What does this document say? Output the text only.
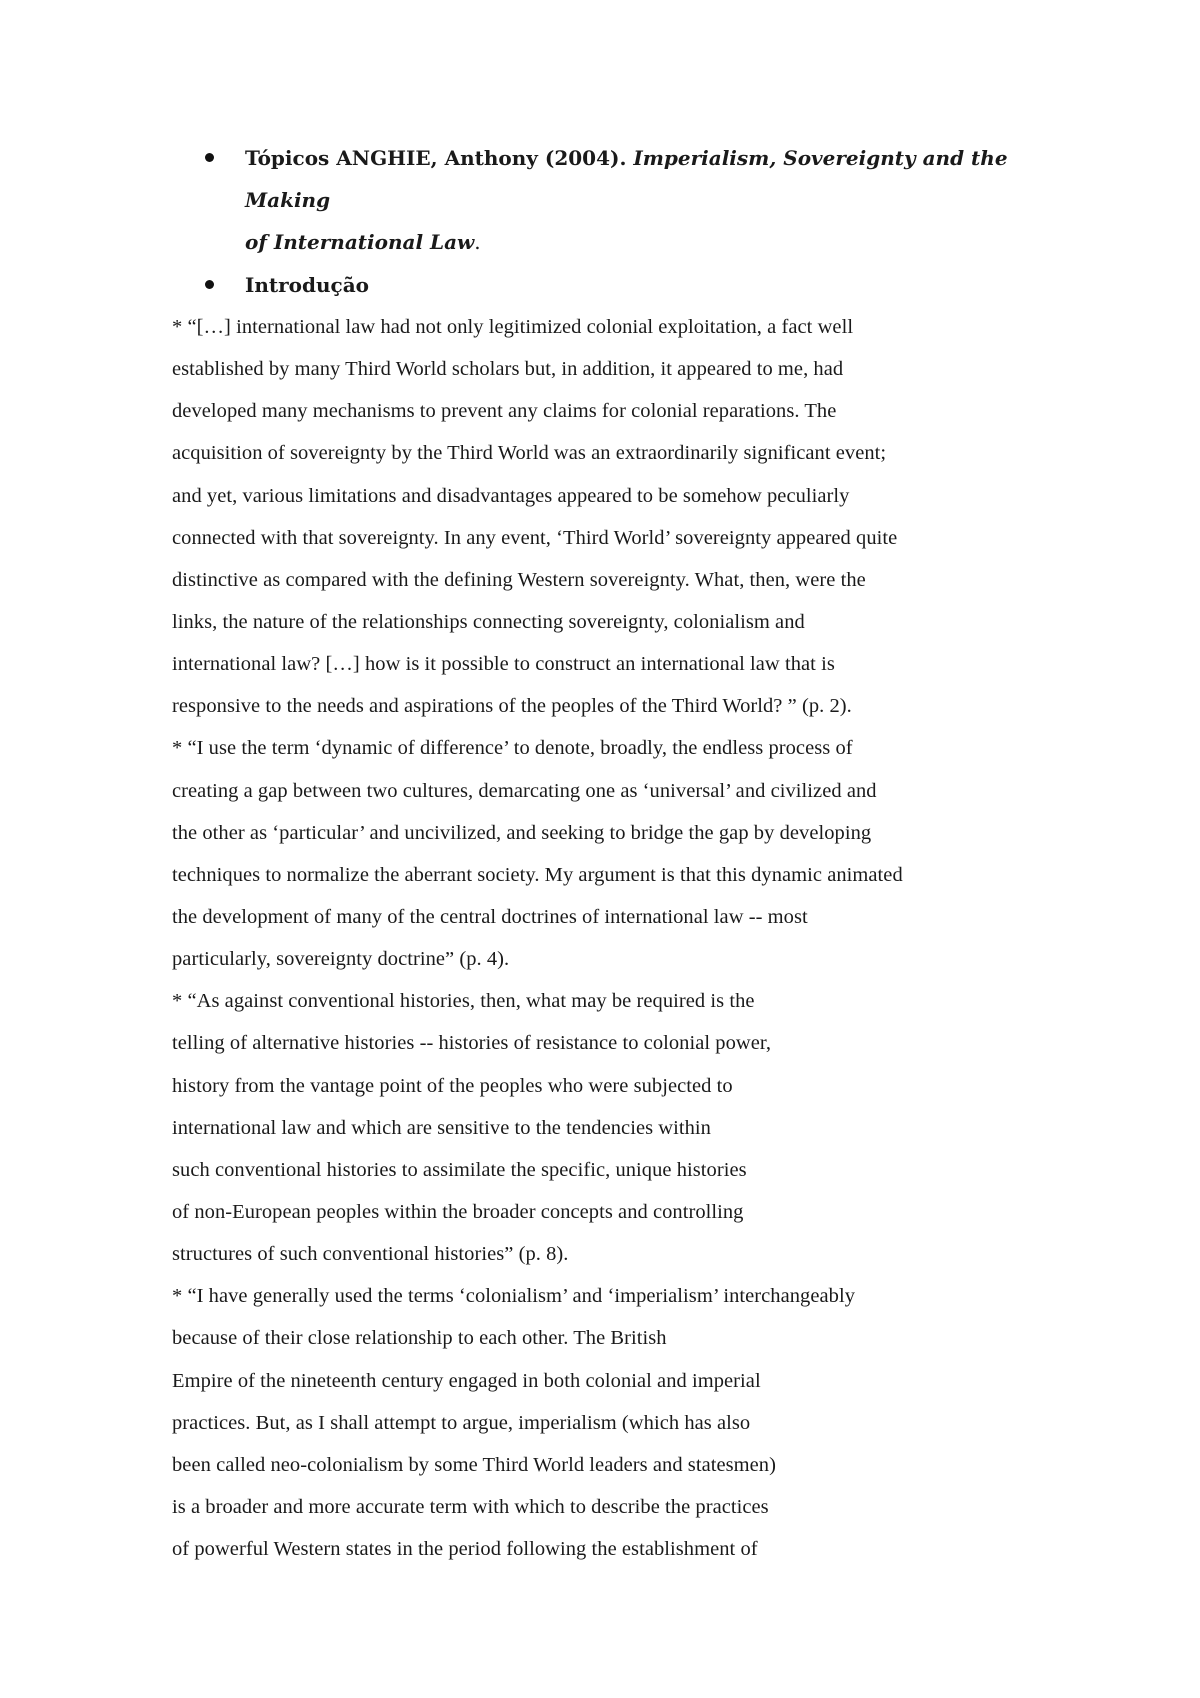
Tópicos ANGHIE, Anthony (2004). Imperialism, Sovereignty and the Making
of International Law.
Introdução
* “[…] international law had not only legitimized colonial exploitation, a fact well
established by many Third World scholars but, in addition, it appeared to me, had
developed many mechanisms to prevent any claims for colonial reparations. The
acquisition of sovereignty by the Third World was an extraordinarily significant event;
and yet, various limitations and disadvantages appeared to be somehow peculiarly
connected with that sovereignty. In any event, ‘Third World’ sovereignty appeared quite
distinctive as compared with the defining Western sovereignty. What, then, were the
links, the nature of the relationships connecting sovereignty, colonialism and
international law? […] how is it possible to construct an international law that is
responsive to the needs and aspirations of the peoples of the Third World? ” (p. 2).
* “I use the term ‘dynamic of difference’ to denote, broadly, the endless process of
creating a gap between two cultures, demarcating one as ‘universal’ and civilized and
the other as ‘particular’ and uncivilized, and seeking to bridge the gap by developing
techniques to normalize the aberrant society. My argument is that this dynamic animated
the development of many of the central doctrines of international law -- most
particularly, sovereignty doctrine” (p. 4).
* “As against conventional histories, then, what may be required is the
telling of alternative histories -- histories of resistance to colonial power,
history from the vantage point of the peoples who were subjected to
international law and which are sensitive to the tendencies within
such conventional histories to assimilate the specific, unique histories
of non-European peoples within the broader concepts and controlling
structures of such conventional histories” (p. 8).
* “I have generally used the terms ‘colonialism’ and ‘imperialism’ interchangeably
because of their close relationship to each other. The British
Empire of the nineteenth century engaged in both colonial and imperial
practices. But, as I shall attempt to argue, imperialism (which has also
been called neo-colonialism by some Third World leaders and statesmen)
is a broader and more accurate term with which to describe the practices
of powerful Western states in the period following the establishment of
